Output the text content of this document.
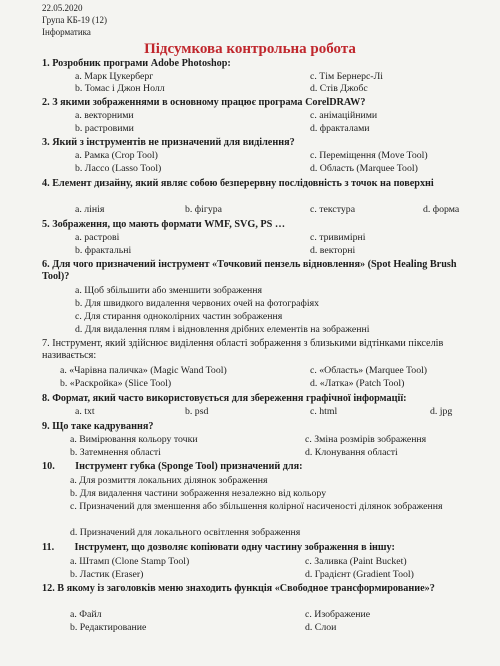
22.05.2020
Група КБ-19 (12)
Інформатика
Підсумкова контрольна робота
1. Розробник програми Adobe Photoshop:
a. Марк Цукерберг	c. Тім Бернерс-Лі
b. Томас і Джон Нолл	d. Стів Джобс
2. З якими зображеннями в основному працює програма CorelDRAW?
a. векторними	c. анімаційними
b. растровими	d. фракталами
3. Який з інструментів не призначений для виділення?
a. Рамка (Crop Tool)	c. Переміщення (Move Tool)
b. Лассо (Lasso Tool)	d. Область (Marquee Tool)
4. Елемент дизайну, який являє собою безперервну послідовність з точок на поверхні
a. лінія	b. фігура	c. текстура	d. форма
5. Зображення, що мають формати WMF, SVG, PS …
a. растрові	c. тривимірні
b. фрактальні	d. векторні
6. Для чого призначений інструмент «Точковий пензель відновлення» (Spot Healing Brush Tool)?
a. Щоб збільшити або зменшити зображення
b. Для швидкого видалення червоних очей на фотографіях
c. Для стирання одноколірних частин зображення
d. Для видалення плям і відновлення дрібних елементів на зображенні
7. Інструмент, який здійснює виділення області зображення з близькими відтінками пікселів називається:
a. «Чарівна паличка» (Magic Wand Tool)	c. «Область» (Marquee Tool)
b. «Раскройка» (Slice Tool)	d. «Латка» (Patch Tool)
8. Формат, який часто використовується для збереження графічної інформації:
a. txt	b. psd	c. html	d. jpg
9. Що таке кадрування?
a. Вимірювання кольору точки	c. Зміна розмірів зображення
b. Затемнення області	d. Клонування області
10.        Інструмент губка (Sponge Tool) призначений для:
a. Для розмиття локальних ділянок зображення
b. Для видалення частини зображення незалежно від кольору
c. Призначений для зменшення або збільшення колірної насиченості ділянок зображення
d. Призначений для локального освітлення зображення
11.        Інструмент, що дозволяє копіювати одну частину зображення в іншу:
a. Штамп (Clone Stamp Tool)	c. Заливка (Paint Bucket)
b. Ластик (Eraser)	d. Градієнт (Gradient Tool)
12. В якому із заголовків меню знаходить функція «Свободное трансформирование»?
a. Файл	c. Изображение
b. Редактирование	d. Слои
